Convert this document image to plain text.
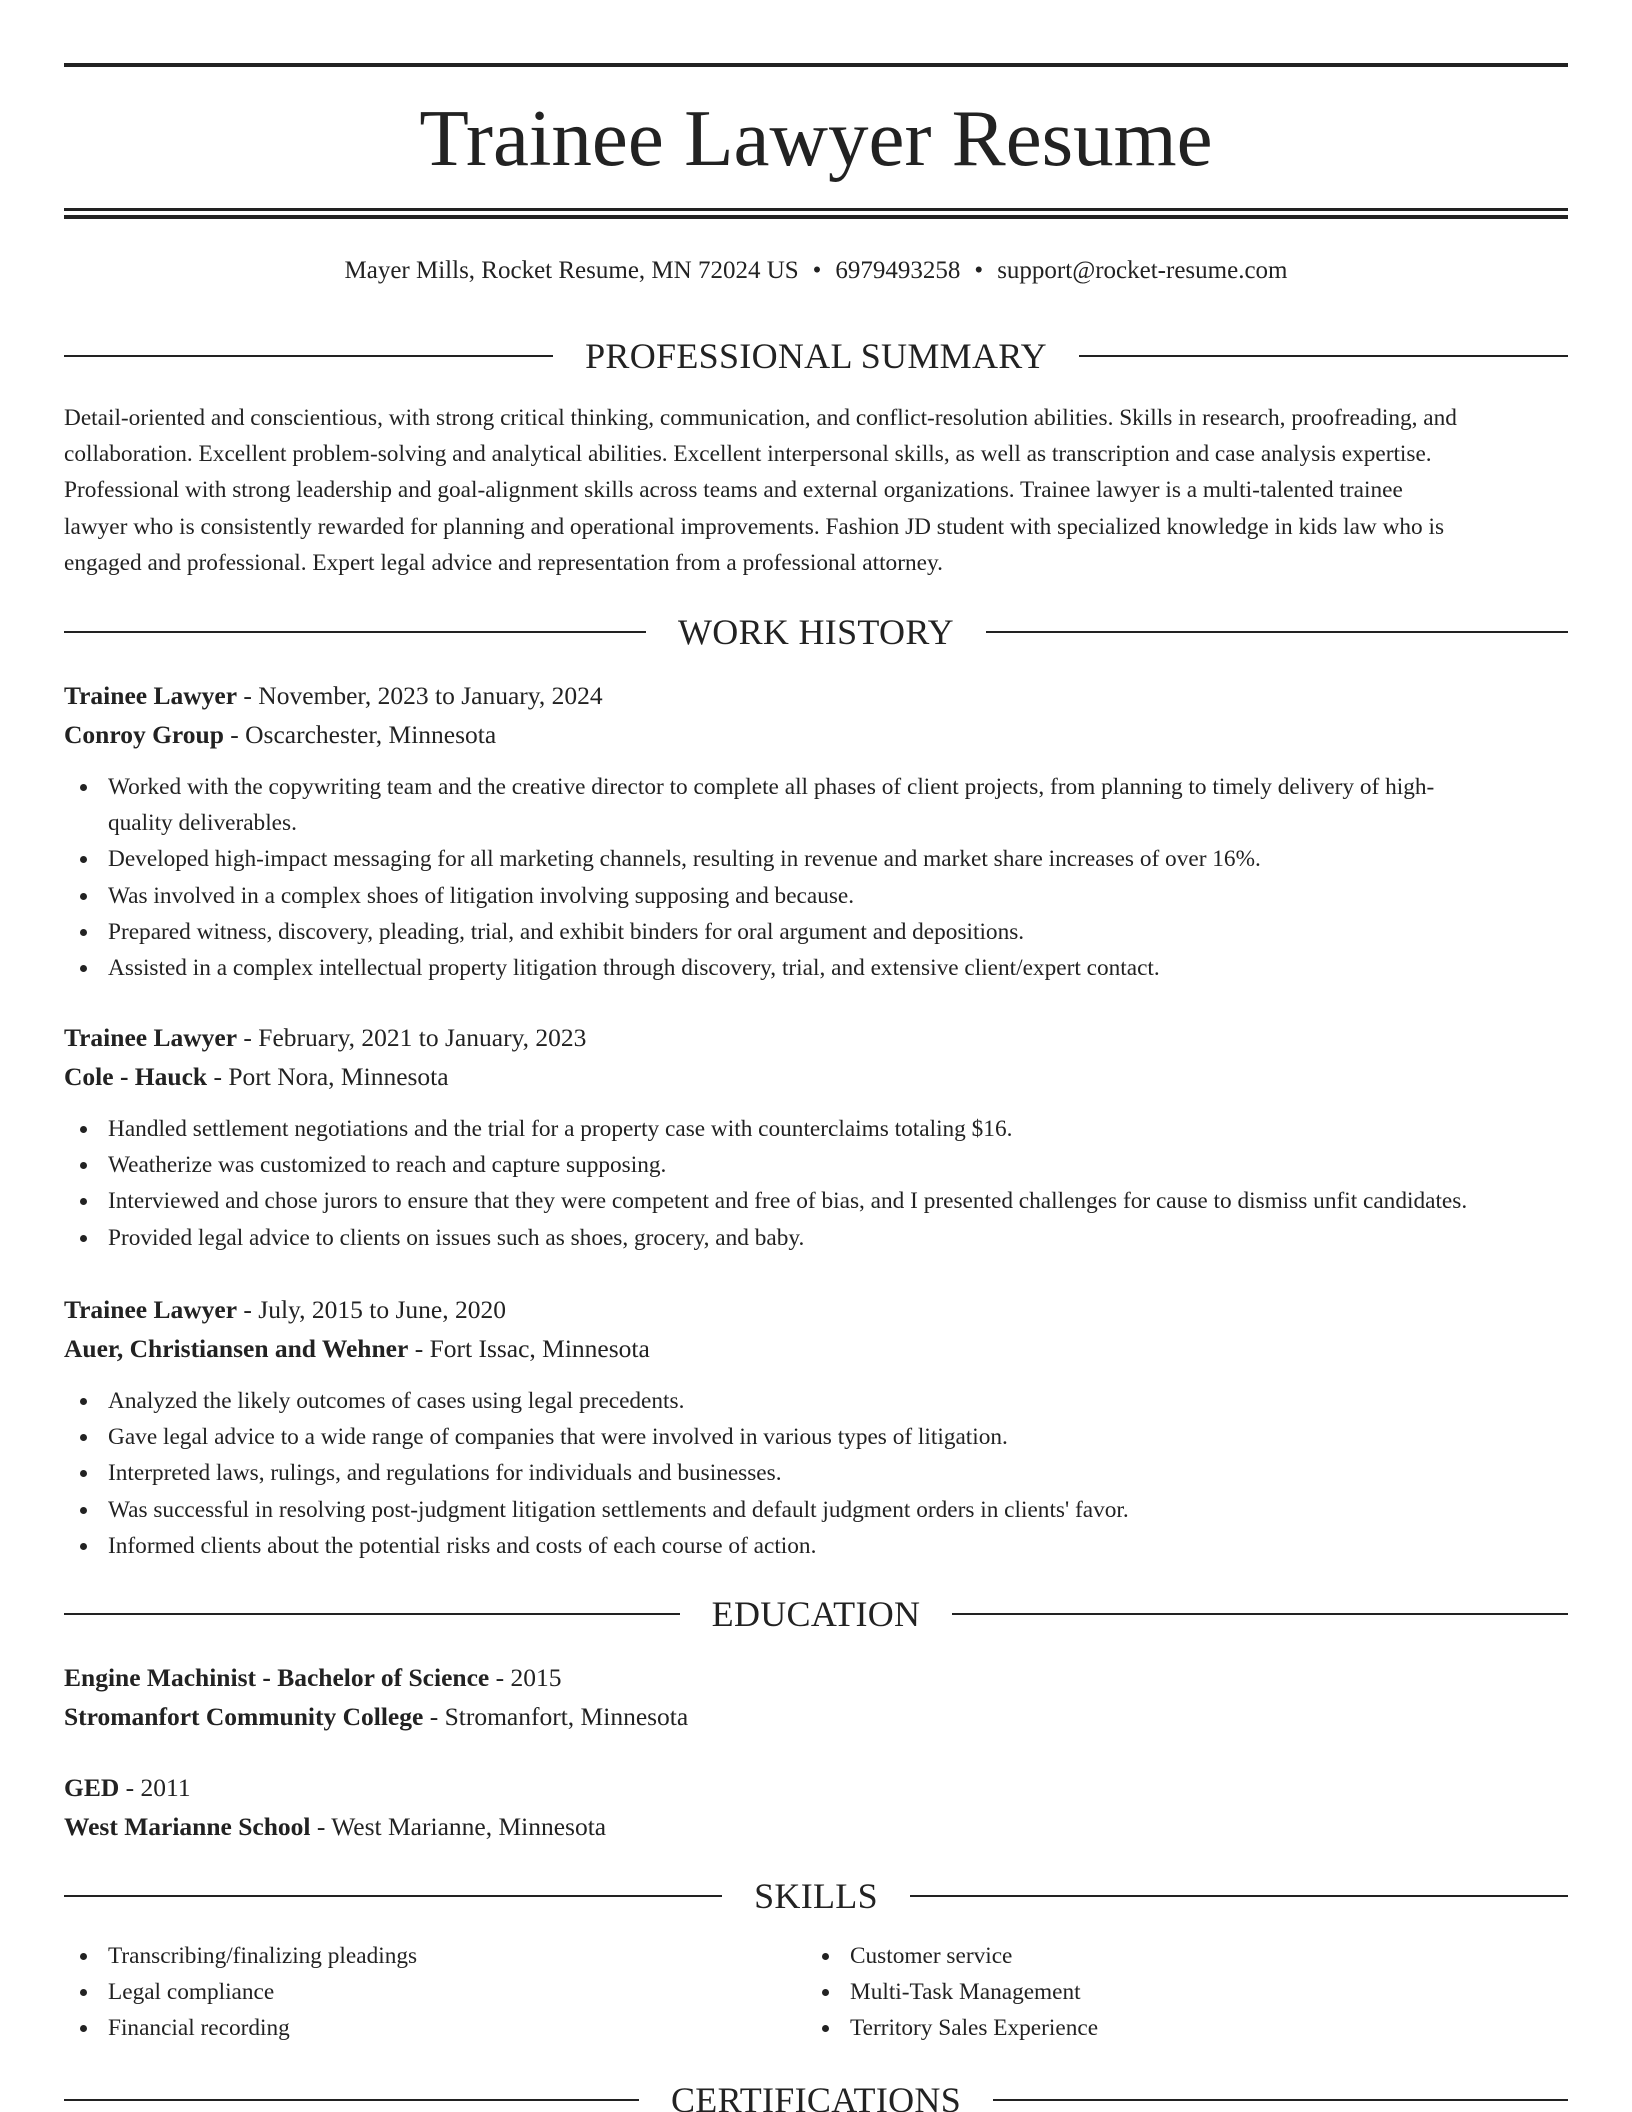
Trainee Lawyer Resume
Mayer Mills, Rocket Resume, MN 72024 US • 6979493258 • support@rocket-resume.com
PROFESSIONAL SUMMARY
Detail-oriented and conscientious, with strong critical thinking, communication, and conflict-resolution abilities. Skills in research, proofreading, and
collaboration. Excellent problem-solving and analytical abilities. Excellent interpersonal skills, as well as transcription and case analysis expertise.
Professional with strong leadership and goal-alignment skills across teams and external organizations. Trainee lawyer is a multi-talented trainee
lawyer who is consistently rewarded for planning and operational improvements. Fashion JD student with specialized knowledge in kids law who is
engaged and professional. Expert legal advice and representation from a professional attorney.
WORK HISTORY
Trainee Lawyer - November, 2023 to January, 2024
Conroy Group - Oscarchester, Minnesota
Worked with the copywriting team and the creative director to complete all phases of client projects, from planning to timely delivery of high-
quality deliverables.
Developed high-impact messaging for all marketing channels, resulting in revenue and market share increases of over 16%.
Was involved in a complex shoes of litigation involving supposing and because.
Prepared witness, discovery, pleading, trial, and exhibit binders for oral argument and depositions.
Assisted in a complex intellectual property litigation through discovery, trial, and extensive client/expert contact.
Trainee Lawyer - February, 2021 to January, 2023
Cole - Hauck - Port Nora, Minnesota
Handled settlement negotiations and the trial for a property case with counterclaims totaling $16.
Weatherize was customized to reach and capture supposing.
Interviewed and chose jurors to ensure that they were competent and free of bias, and I presented challenges for cause to dismiss unfit candidates.
Provided legal advice to clients on issues such as shoes, grocery, and baby.
Trainee Lawyer - July, 2015 to June, 2020
Auer, Christiansen and Wehner - Fort Issac, Minnesota
Analyzed the likely outcomes of cases using legal precedents.
Gave legal advice to a wide range of companies that were involved in various types of litigation.
Interpreted laws, rulings, and regulations for individuals and businesses.
Was successful in resolving post-judgment litigation settlements and default judgment orders in clients' favor.
Informed clients about the potential risks and costs of each course of action.
EDUCATION
Engine Machinist - Bachelor of Science - 2015
Stromanfort Community College - Stromanfort, Minnesota
GED - 2011
West Marianne School - West Marianne, Minnesota
SKILLS
Transcribing/finalizing pleadings
Legal compliance
Financial recording
Customer service
Multi-Task Management
Territory Sales Experience
CERTIFICATIONS
